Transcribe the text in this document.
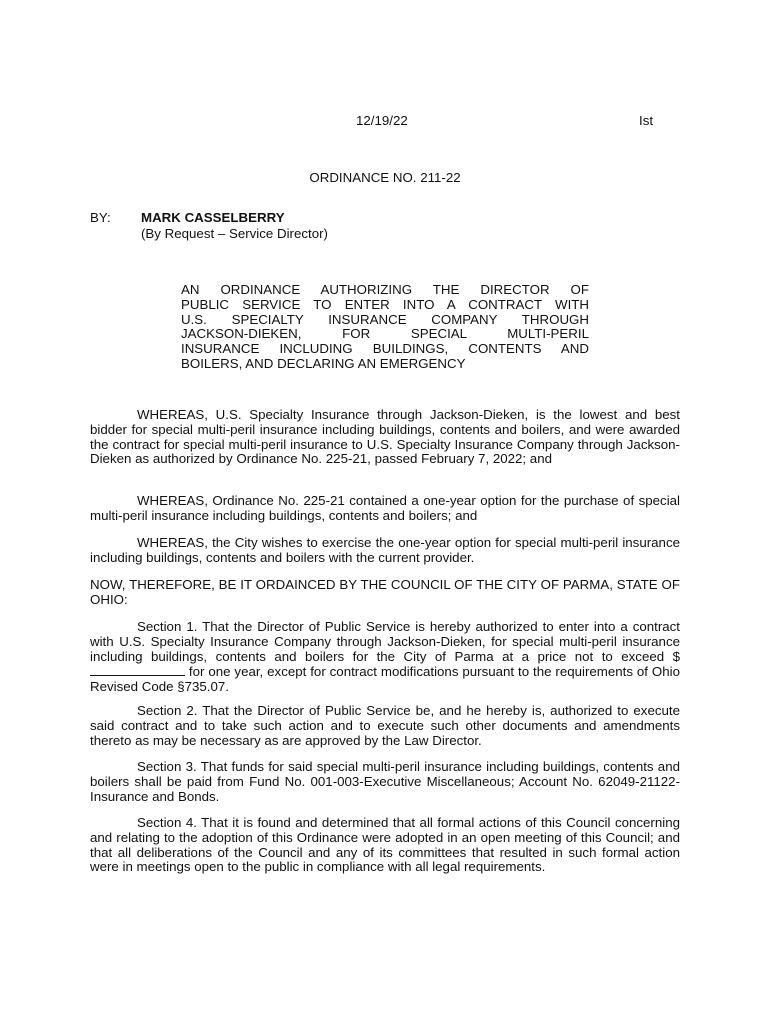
12/19/22	Ist
ORDINANCE NO. 211-22
BY: MARK CASSELBERRY
(By Request – Service Director)
AN ORDINANCE AUTHORIZING THE DIRECTOR OF
PUBLIC SERVICE TO ENTER INTO A CONTRACT WITH
U.S. SPECIALTY INSURANCE COMPANY THROUGH
JACKSON-DIEKEN, FOR SPECIAL MULTI-PERIL
INSURANCE INCLUDING BUILDINGS, CONTENTS AND
BOILERS, AND DECLARING AN EMERGENCY

WHEREAS, U.S. Specialty Insurance through Jackson-Dieken, is the lowest and best bidder for special multi-peril insurance including buildings, contents and boilers, and were awarded the contract for special multi-peril insurance to U.S. Specialty Insurance Company through Jackson-Dieken as authorized by Ordinance No. 225-21, passed February 7, 2022; and

WHEREAS, Ordinance No. 225-21 contained a one-year option for the purchase of special multi-peril insurance including buildings, contents and boilers; and

WHEREAS, the City wishes to exercise the one-year option for special multi-peril insurance including buildings, contents and boilers with the current provider.

NOW, THEREFORE, BE IT ORDAINCED BY THE COUNCIL OF THE CITY OF PARMA, STATE OF OHIO:

Section 1. That the Director of Public Service is hereby authorized to enter into a contract with U.S. Specialty Insurance Company through Jackson-Dieken, for special multi-peril insurance including buildings, contents and boilers for the City of Parma at a price not to exceed $ for one year, except for contract modifications pursuant to the requirements of Ohio Revised Code §735.07.

Section 2. That the Director of Public Service be, and he hereby is, authorized to execute said contract and to take such action and to execute such other documents and amendments thereto as may be necessary as are approved by the Law Director.

Section 3. That funds for said special multi-peril insurance including buildings, contents and boilers shall be paid from Fund No. 001-003-Executive Miscellaneous; Account No. 62049-21122-Insurance and Bonds.

Section 4. That it is found and determined that all formal actions of this Council concerning and relating to the adoption of this Ordinance were adopted in an open meeting of this Council; and that all deliberations of the Council and any of its committees that resulted in such formal action were in meetings open to the public in compliance with all legal requirements.
